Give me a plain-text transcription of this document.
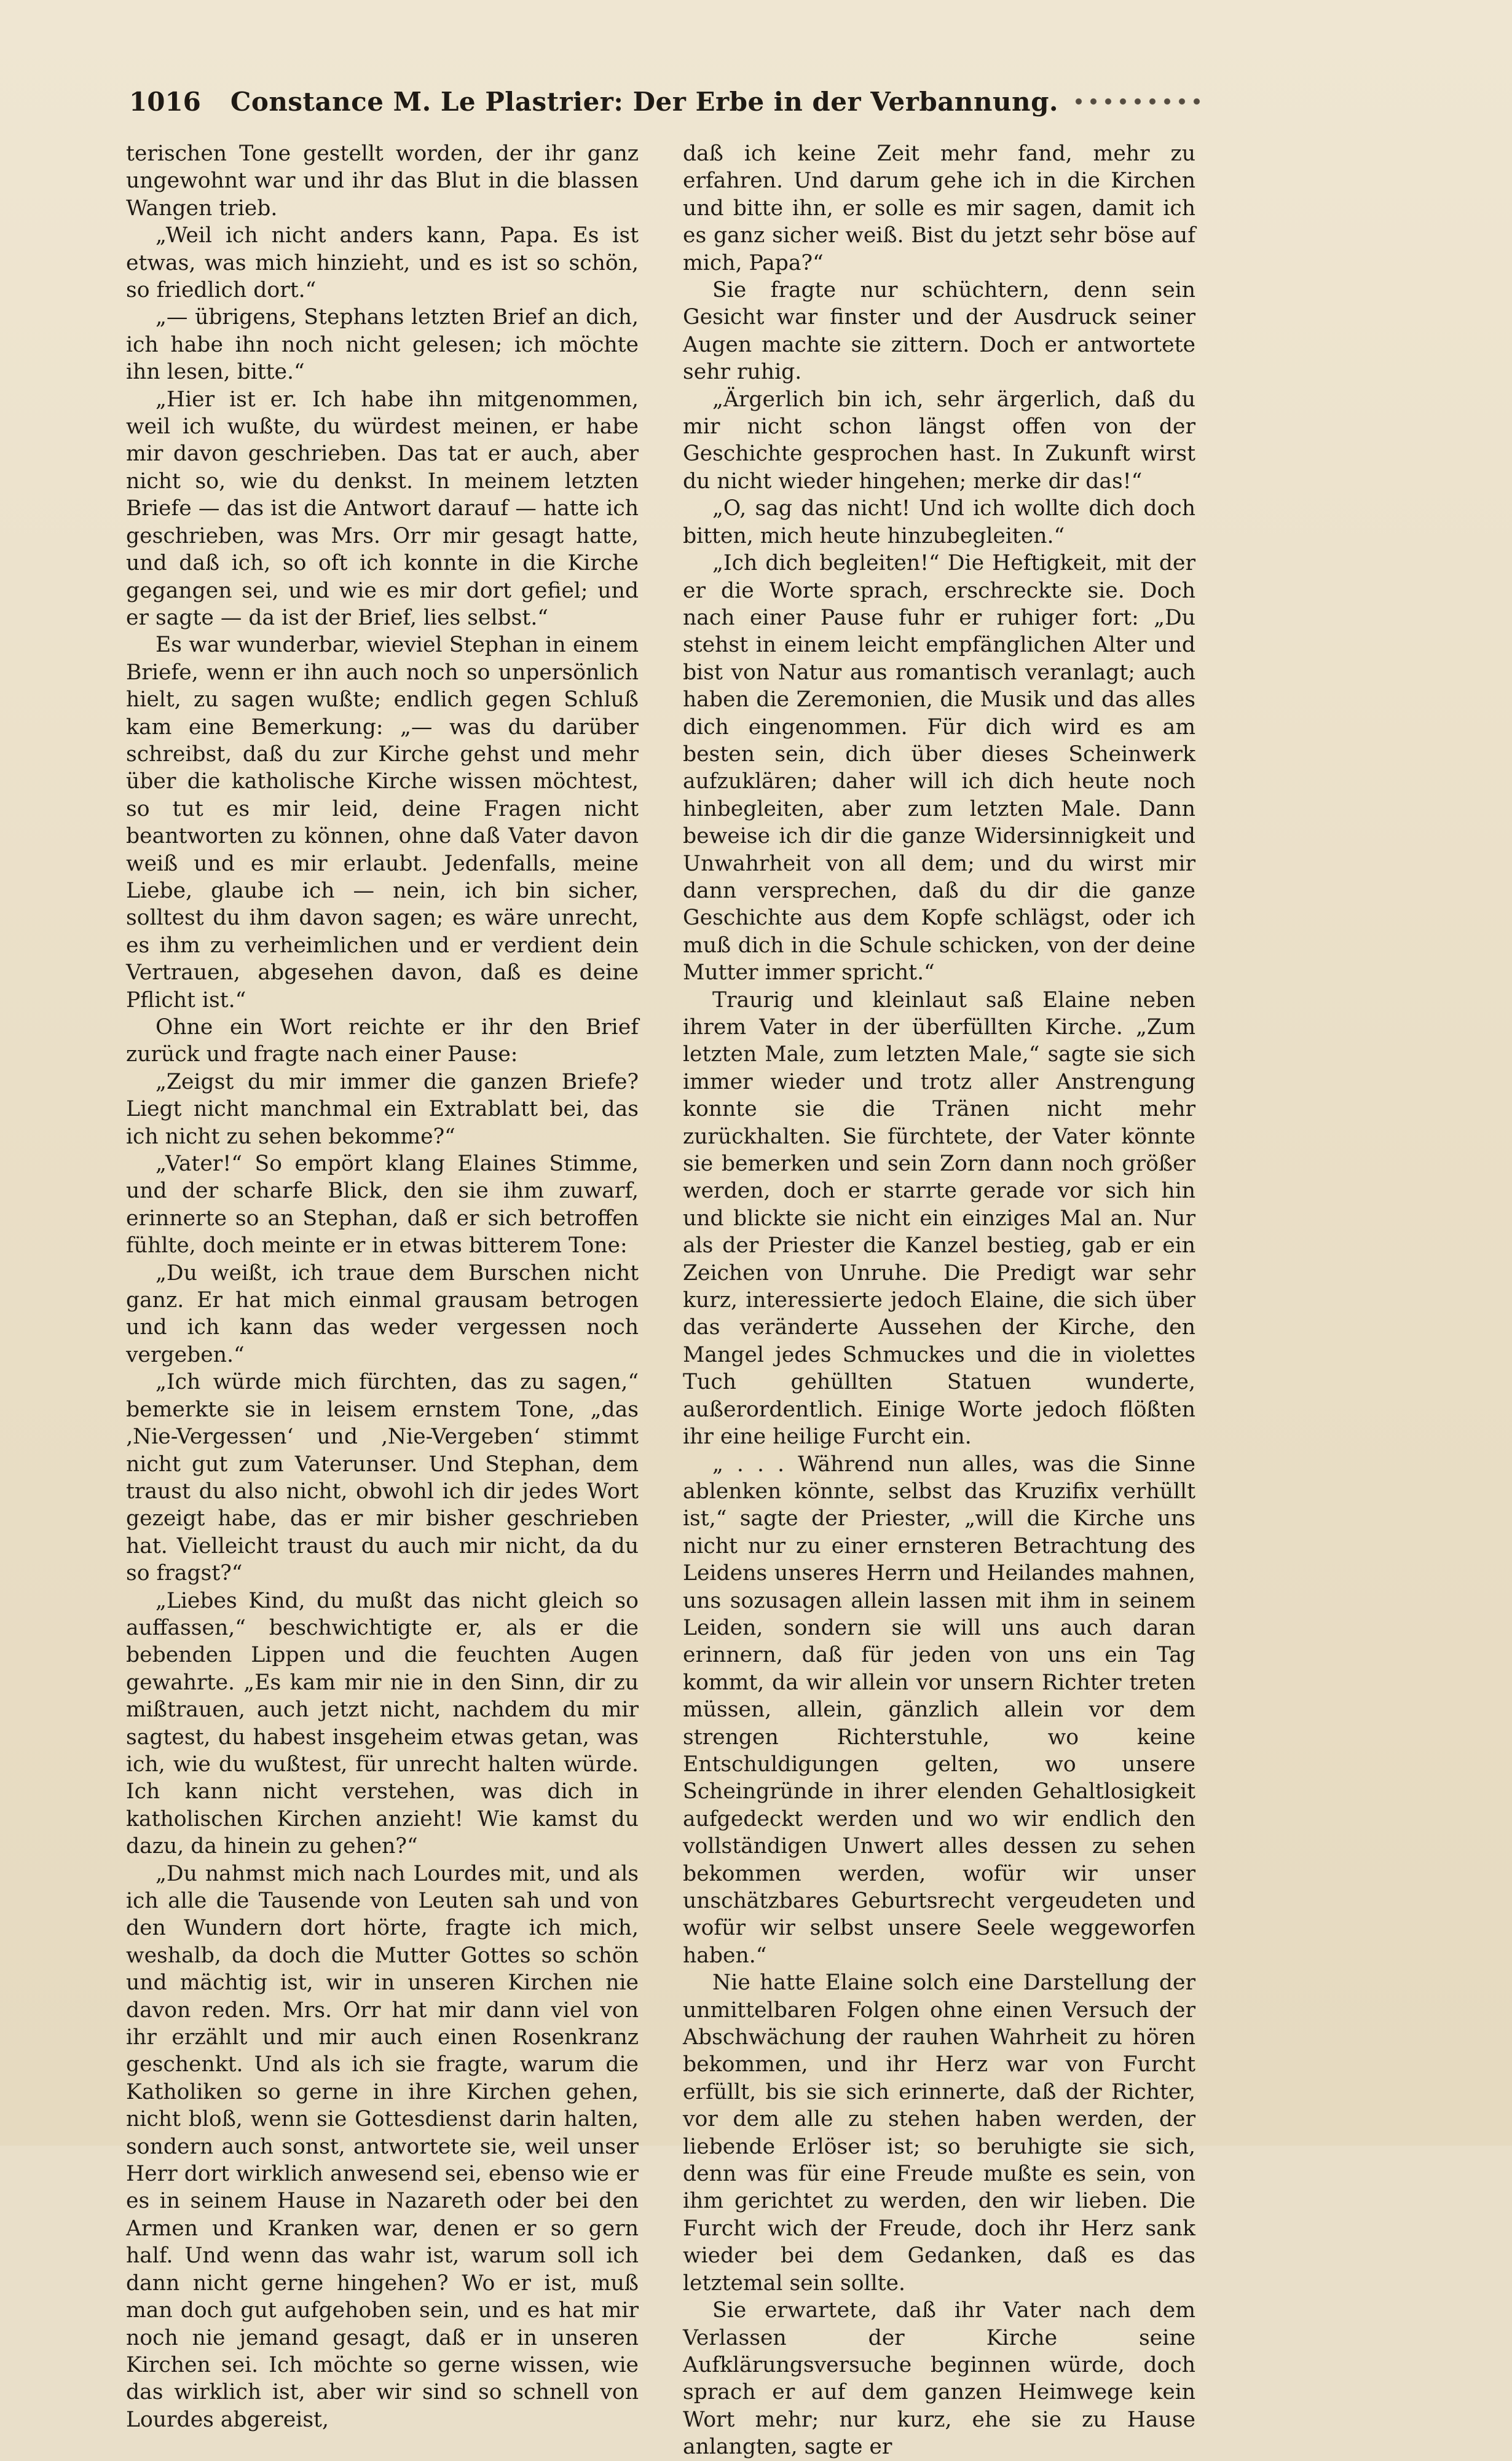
1016 Constance M. Le Plastrier: Der Erbe in der Verbannung.

terischen Tone gestellt worden, der ihr ganz ungewohnt war und ihr das Blut in die blassen Wangen trieb.

„Weil ich nicht anders kann, Papa. Es ist etwas, was mich hinzieht, und es ist so schön, so friedlich dort.“

„— übrigens, Stephans letzten Brief an dich, ich habe ihn noch nicht gelesen; ich möchte ihn lesen, bitte.“

„Hier ist er. Ich habe ihn mitgenommen, weil ich wußte, du würdest meinen, er habe mir davon geschrieben. Das tat er auch, aber nicht so, wie du denkst. In meinem letzten Briefe — das ist die Antwort darauf — hatte ich geschrieben, was Mrs. Orr mir gesagt hatte, und daß ich, so oft ich konnte in die Kirche gegangen sei, und wie es mir dort gefiel; und er sagte — da ist der Brief, lies selbst.“

Es war wunderbar, wieviel Stephan in einem Briefe, wenn er ihn auch noch so unpersönlich hielt, zu sagen wußte; endlich gegen Schluß kam eine Bemerkung: „— was du darüber schreibst, daß du zur Kirche gehst und mehr über die katholische Kirche wissen möchtest, so tut es mir leid, deine Fragen nicht beantworten zu können, ohne daß Vater davon weiß und es mir erlaubt. Jedenfalls, meine Liebe, glaube ich — nein, ich bin sicher, solltest du ihm davon sagen; es wäre unrecht, es ihm zu verheimlichen und er verdient dein Vertrauen, abgesehen davon, daß es deine Pflicht ist.“

Ohne ein Wort reichte er ihr den Brief zurück und fragte nach einer Pause:

„Zeigst du mir immer die ganzen Briefe? Liegt nicht manchmal ein Extrablatt bei, das ich nicht zu sehen bekomme?“

„Vater!“ So empört klang Elaines Stimme, und der scharfe Blick, den sie ihm zuwarf, erinnerte so an Stephan, daß er sich betroffen fühlte, doch meinte er in etwas bitterem Tone:

„Du weißt, ich traue dem Burschen nicht ganz. Er hat mich einmal grausam betrogen und ich kann das weder vergessen noch vergeben.“

„Ich würde mich fürchten, das zu sagen,“ bemerkte sie in leisem ernstem Tone, „das ‚Nie-Vergessen‘ und ‚Nie-Vergeben‘ stimmt nicht gut zum Vaterunser. Und Stephan, dem traust du also nicht, obwohl ich dir jedes Wort gezeigt habe, das er mir bisher geschrieben hat. Vielleicht traust du auch mir nicht, da du so fragst?“

„Liebes Kind, du mußt das nicht gleich so auffassen,“ beschwichtigte er, als er die bebenden Lippen und die feuchten Augen gewahrte. „Es kam mir nie in den Sinn, dir zu mißtrauen, auch jetzt nicht, nachdem du mir sagtest, du habest insgeheim etwas getan, was ich, wie du wußtest, für unrecht halten würde. Ich kann nicht verstehen, was dich in katholischen Kirchen anzieht! Wie kamst du dazu, da hinein zu gehen?“

„Du nahmst mich nach Lourdes mit, und als ich alle die Tausende von Leuten sah und von den Wundern dort hörte, fragte ich mich, weshalb, da doch die Mutter Gottes so schön und mächtig ist, wir in unseren Kirchen nie davon reden. Mrs. Orr hat mir dann viel von ihr erzählt und mir auch einen Rosenkranz geschenkt. Und als ich sie fragte, warum die Katholiken so gerne in ihre Kirchen gehen, nicht bloß, wenn sie Gottesdienst darin halten, sondern auch sonst, antwortete sie, weil unser Herr dort wirklich anwesend sei, ebenso wie er es in seinem Hause in Nazareth oder bei den Armen und Kranken war, denen er so gern half. Und wenn das wahr ist, warum soll ich dann nicht gerne hingehen? Wo er ist, muß man doch gut aufgehoben sein, und es hat mir noch nie jemand gesagt, daß er in unseren Kirchen sei. Ich möchte so gerne wissen, wie das wirklich ist, aber wir sind so schnell von Lourdes abgereist,

daß ich keine Zeit mehr fand, mehr zu erfahren. Und darum gehe ich in die Kirchen und bitte ihn, er solle es mir sagen, damit ich es ganz sicher weiß. Bist du jetzt sehr böse auf mich, Papa?“

Sie fragte nur schüchtern, denn sein Gesicht war finster und der Ausdruck seiner Augen machte sie zittern. Doch er antwortete sehr ruhig.

„Ärgerlich bin ich, sehr ärgerlich, daß du mir nicht schon längst offen von der Geschichte gesprochen hast. In Zukunft wirst du nicht wieder hingehen; merke dir das!“

„O, sag das nicht! Und ich wollte dich doch bitten, mich heute hinzubegleiten.“

„Ich dich begleiten!“ Die Heftigkeit, mit der er die Worte sprach, erschreckte sie. Doch nach einer Pause fuhr er ruhiger fort: „Du stehst in einem leicht empfänglichen Alter und bist von Natur aus romantisch veranlagt; auch haben die Zeremonien, die Musik und das alles dich eingenommen. Für dich wird es am besten sein, dich über dieses Scheinwerk aufzuklären; daher will ich dich heute noch hinbegleiten, aber zum letzten Male. Dann beweise ich dir die ganze Widersinnigkeit und Unwahrheit von all dem; und du wirst mir dann versprechen, daß du dir die ganze Geschichte aus dem Kopfe schlägst, oder ich muß dich in die Schule schicken, von der deine Mutter immer spricht.“

Traurig und kleinlaut saß Elaine neben ihrem Vater in der überfüllten Kirche. „Zum letzten Male, zum letzten Male,“ sagte sie sich immer wieder und trotz aller Anstrengung konnte sie die Tränen nicht mehr zurückhalten. Sie fürchtete, der Vater könnte sie bemerken und sein Zorn dann noch größer werden, doch er starrte gerade vor sich hin und blickte sie nicht ein einziges Mal an. Nur als der Priester die Kanzel bestieg, gab er ein Zeichen von Unruhe. Die Predigt war sehr kurz, interessierte jedoch Elaine, die sich über das veränderte Aussehen der Kirche, den Mangel jedes Schmuckes und die in violettes Tuch gehüllten Statuen wunderte, außerordentlich. Einige Worte jedoch flößten ihr eine heilige Furcht ein.

„ . . . Während nun alles, was die Sinne ablenken könnte, selbst das Kruzifix verhüllt ist,“ sagte der Priester, „will die Kirche uns nicht nur zu einer ernsteren Betrachtung des Leidens unseres Herrn und Heilandes mahnen, uns sozusagen allein lassen mit ihm in seinem Leiden, sondern sie will uns auch daran erinnern, daß für jeden von uns ein Tag kommt, da wir allein vor unsern Richter treten müssen, allein, gänzlich allein vor dem strengen Richterstuhle, wo keine Entschuldigungen gelten, wo unsere Scheingründe in ihrer elenden Gehaltlosigkeit aufgedeckt werden und wo wir endlich den vollständigen Unwert alles dessen zu sehen bekommen werden, wofür wir unser unschätzbares Geburtsrecht vergeudeten und wofür wir selbst unsere Seele weggeworfen haben.“

Nie hatte Elaine solch eine Darstellung der unmittelbaren Folgen ohne einen Versuch der Abschwächung der rauhen Wahrheit zu hören bekommen, und ihr Herz war von Furcht erfüllt, bis sie sich erinnerte, daß der Richter, vor dem alle zu stehen haben werden, der liebende Erlöser ist; so beruhigte sie sich, denn was für eine Freude mußte es sein, von ihm gerichtet zu werden, den wir lieben. Die Furcht wich der Freude, doch ihr Herz sank wieder bei dem Gedanken, daß es das letztemal sein sollte.

Sie erwartete, daß ihr Vater nach dem Verlassen der Kirche seine Aufklärungsversuche beginnen würde, doch sprach er auf dem ganzen Heimwege kein Wort mehr; nur kurz, ehe sie zu Hause anlangten, sagte er
